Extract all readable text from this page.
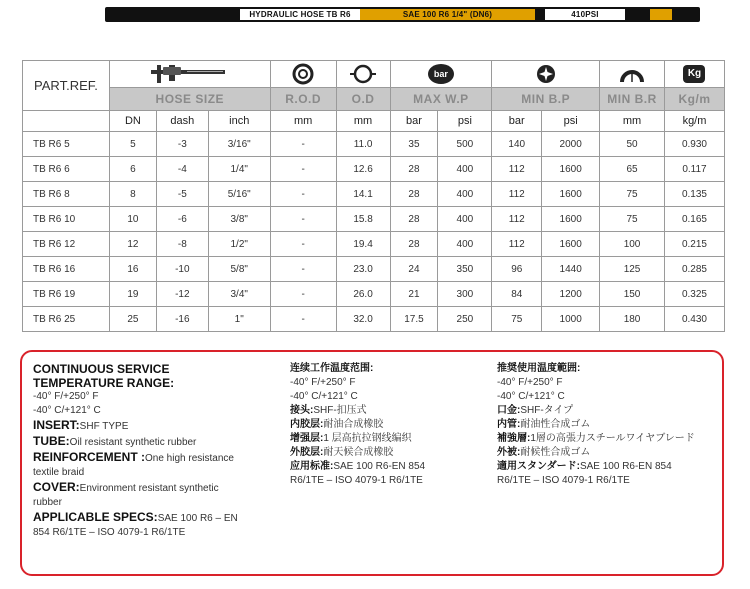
HYDRAULIC HOSE TB R6	SAE 100 R6 1/4" (DN6)	410PSI
PART.REF.						bar					Kg
	HOSE SIZE			R.O.D	O.D	MAX W.P		MIN B.P		MIN B.R	Kg/m
	DN	dash	inch	mm	mm	bar	psi	bar	psi	mm	kg/m
TB R6 5	5	-3	3/16"	-	11.0	35	500	140	2000	50	0.930
TB R6 6	6	-4	1/4"	-	12.6	28	400	112	1600	65	0.117
TB R6 8	8	-5	5/16"	-	14.1	28	400	112	1600	75	0.135
TB R6 10	10	-6	3/8"	-	15.8	28	400	112	1600	75	0.165
TB R6 12	12	-8	1/2"	-	19.4	28	400	112	1600	100	0.215
TB R6 16	16	-10	5/8"	-	23.0	24	350	96	1440	125	0.285
TB R6 19	19	-12	3/4"	-	26.0	21	300	84	1200	150	0.325
TB R6 25	25	-16	1"	-	32.0	17.5	250	75	1000	180	0.430
CONTINUOUS SERVICE
TEMPERATURE RANGE:
-40° F/+250° F
-40° C/+121° C
INSERT:SHF TYPE
TUBE:Oil resistant synthetic rubber
REINFORCEMENT :One high resistance
textile braid
COVER:Environment resistant synthetic
rubber
APPLICABLE SPECS:SAE 100 R6 – EN
854 R6/1TE – ISO 4079-1 R6/1TE
连续工作温度范围:
-40° F/+250° F
-40° C/+121° C
接头:SHF-扣压式
内胶层:耐油合成橡胶
增强层:1 层高抗拉钢线编织
外胶层:耐天候合成橡胶
应用标准:SAE 100 R6-EN 854
R6/1TE – ISO 4079-1 R6/1TE
推奨使用温度範囲:
-40° F/+250° F
-40° C/+121° C
口金:SHF-タイプ
内管:耐油性合成ゴム
補強層:1層の高張力スチールワイヤブレード
外被:耐候性合成ゴム
適用スタンダード:SAE 100 R6-EN 854
R6/1TE – ISO 4079-1 R6/1TE
